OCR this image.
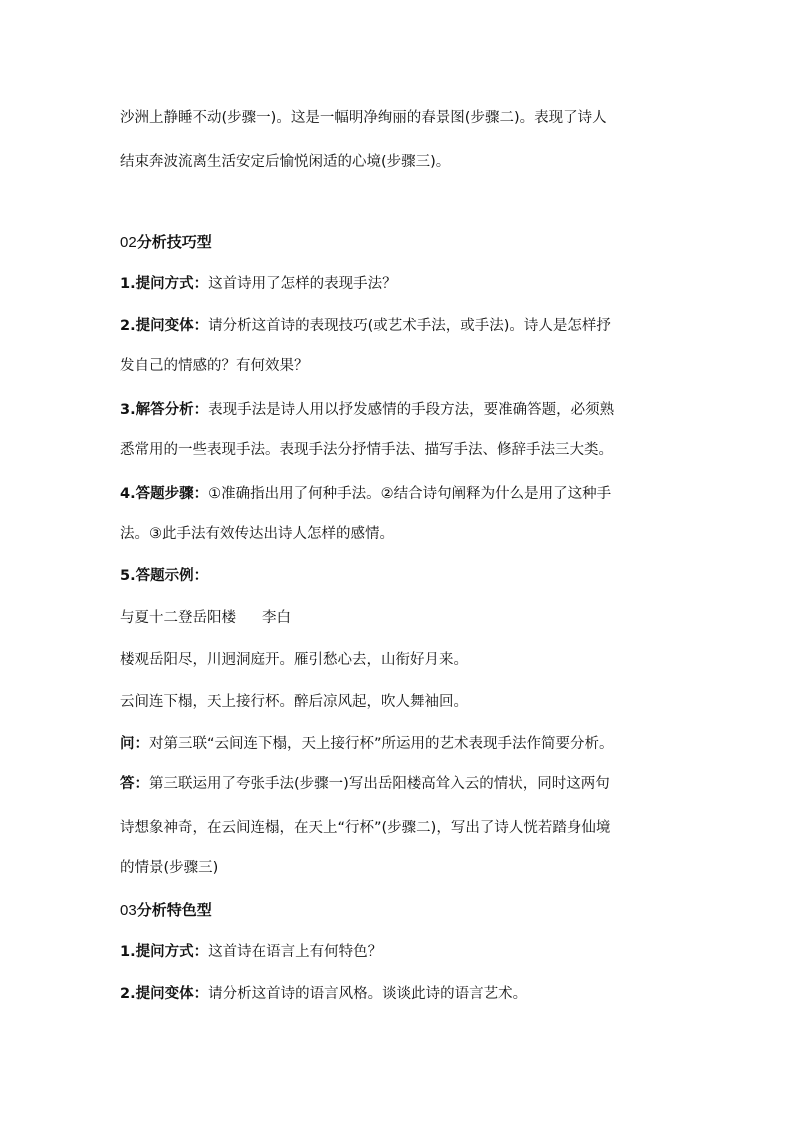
沙洲上静睡不动(步骤一)。这是一幅明净绚丽的春景图(步骤二)。表现了诗人
结束奔波流离生活安定后愉悦闲适的心境(步骤三)。
02分析技巧型
1.提问方式：这首诗用了怎样的表现手法？
2.提问变体：请分析这首诗的表现技巧(或艺术手法，或手法)。诗人是怎样抒
发自己的情感的？有何效果？
3.解答分析：表现手法是诗人用以抒发感情的手段方法，要准确答题，必须熟
悉常用的一些表现手法。表现手法分抒情手法、描写手法、修辞手法三大类。
4.答题步骤：①准确指出用了何种手法。②结合诗句阐释为什么是用了这种手
法。③此手法有效传达出诗人怎样的感情。
5.答题示例：
与夏十二登岳阳楼 李白
楼观岳阳尽，川迥洞庭开。雁引愁心去，山衔好月来。
云间连下榻，天上接行杯。醉后凉风起，吹人舞袖回。
问：对第三联“云间连下榻，天上接行杯”所运用的艺术表现手法作简要分析。
答：第三联运用了夸张手法(步骤一)写出岳阳楼高耸入云的情状，同时这两句
诗想象神奇，在云间连榻，在天上“行杯”(步骤二)，写出了诗人恍若踏身仙境
的情景(步骤三)
03分析特色型
1.提问方式：这首诗在语言上有何特色？
2.提问变体：请分析这首诗的语言风格。谈谈此诗的语言艺术。
